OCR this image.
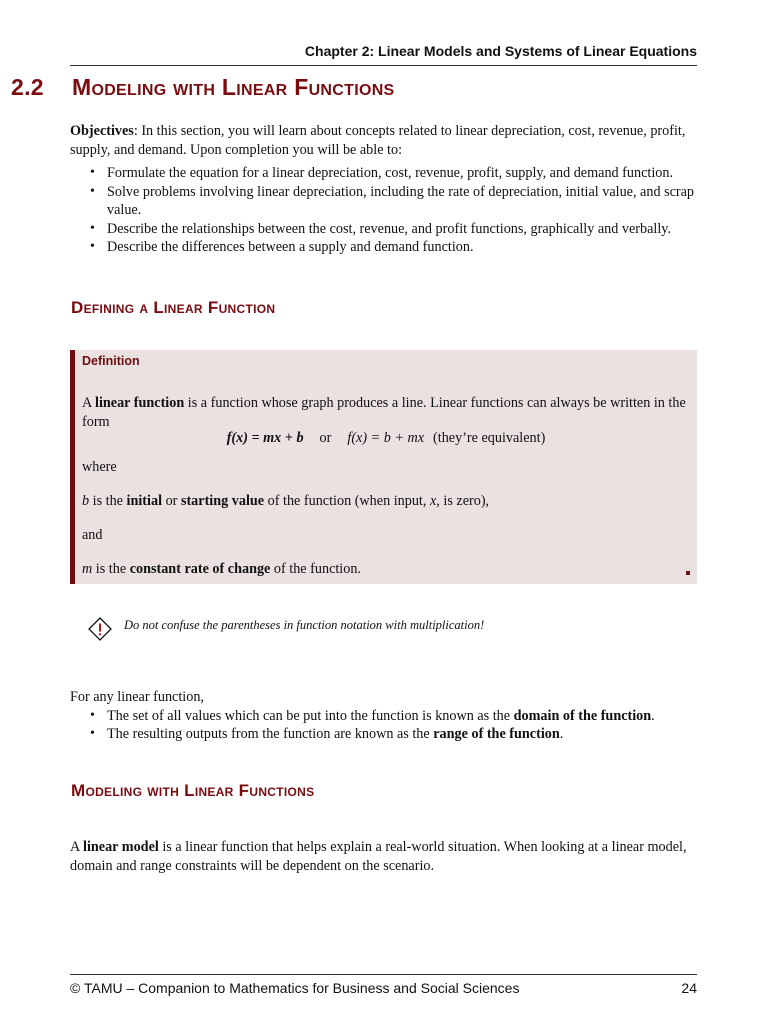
Chapter 2: Linear Models and Systems of Linear Equations
2.2 Modeling with Linear Functions
Objectives: In this section, you will learn about concepts related to linear depreciation, cost, revenue, profit, supply, and demand. Upon completion you will be able to:
• Formulate the equation for a linear depreciation, cost, revenue, profit, supply, and demand function.
• Solve problems involving linear depreciation, including the rate of depreciation, initial value, and scrap value.
• Describe the relationships between the cost, revenue, and profit functions, graphically and verbally.
• Describe the differences between a supply and demand function.
Defining a Linear Function
Definition
A linear function is a function whose graph produces a line. Linear functions can always be written in the form
f(x) = mx + b or f(x) = b + mx (they’re equivalent)
where
b is the initial or starting value of the function (when input, x, is zero),
and
m is the constant rate of change of the function.
Do not confuse the parentheses in function notation with multiplication!
For any linear function,
• The set of all values which can be put into the function is known as the domain of the function.
• The resulting outputs from the function are known as the range of the function.
Modeling with Linear Functions
A linear model is a linear function that helps explain a real-world situation. When looking at a linear model, domain and range constraints will be dependent on the scenario.
© TAMU – Companion to Mathematics for Business and Social Sciences	24
